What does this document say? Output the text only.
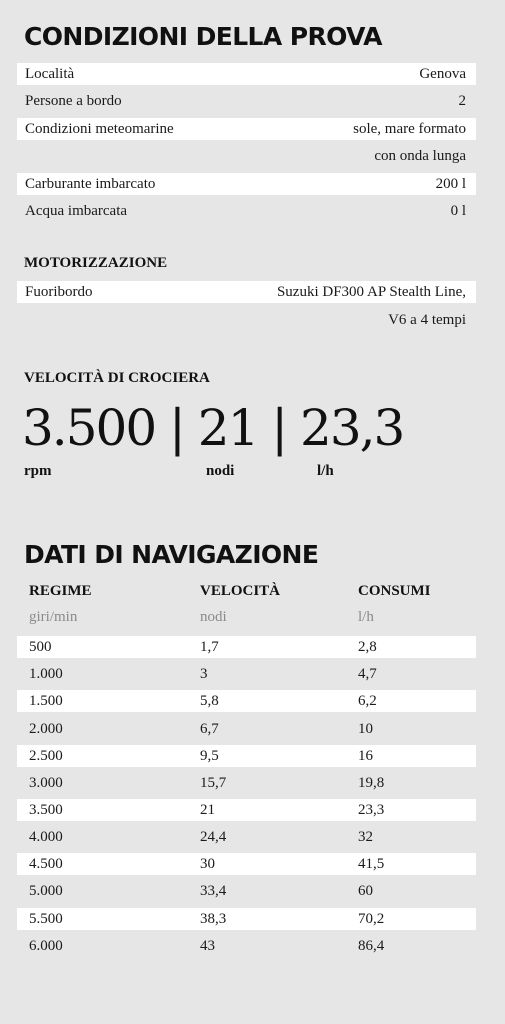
CONDIZIONI DELLA PROVA
Località	Genova
Persone a bordo	2
Condizioni meteomarine	sole, mare formato
con onda lunga
Carburante imbarcato	200 l
Acqua imbarcata	0 l
MOTORIZZAZIONE
Fuoribordo	Suzuki DF300 AP Stealth Line,
V6 a 4 tempi
VELOCITÀ DI CROCIERA
3.500 | 21 | 23,3
rpm	nodi	l/h
DATI DI NAVIGAZIONE
REGIME	VELOCITÀ	CONSUMI
giri/min	nodi	l/h
500	1,7	2,8
1.000	3	4,7
1.500	5,8	6,2
2.000	6,7	10
2.500	9,5	16
3.000	15,7	19,8
3.500	21	23,3
4.000	24,4	32
4.500	30	41,5
5.000	33,4	60
5.500	38,3	70,2
6.000	43	86,4
